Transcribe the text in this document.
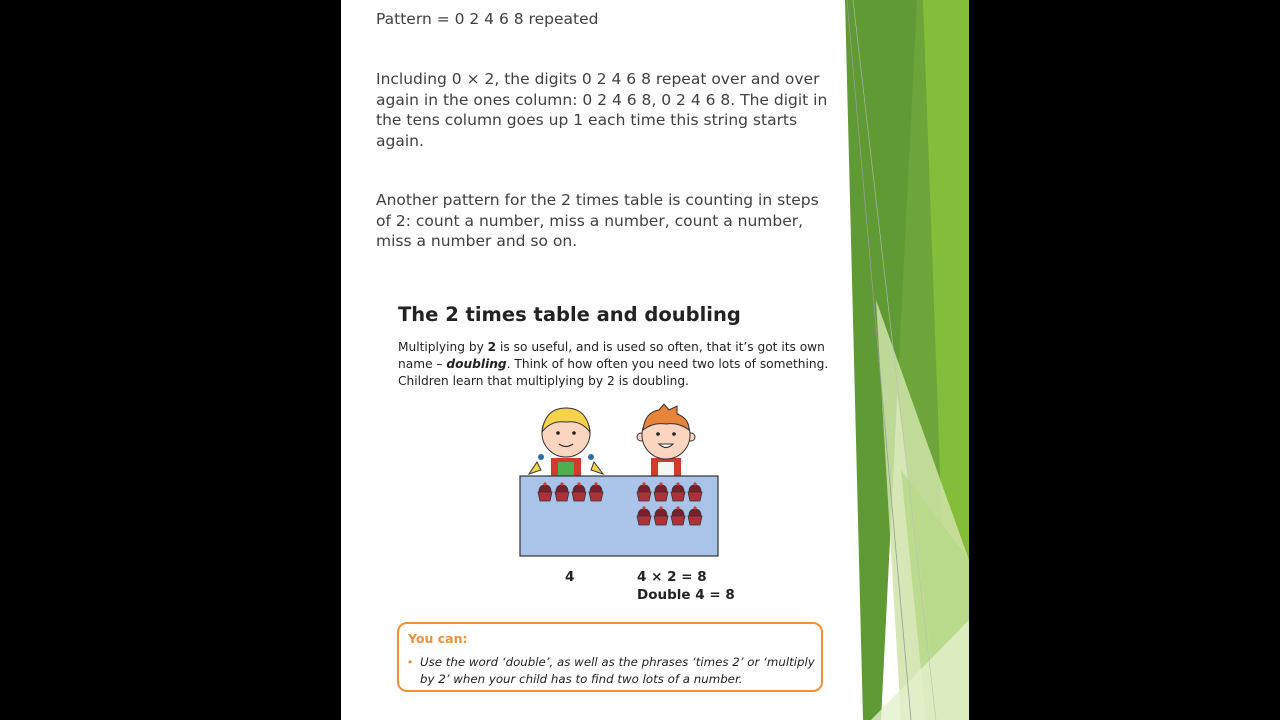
Pattern = 0 2 4 6 8 repeated

Including 0 × 2, the digits 0 2 4 6 8 repeat over and over again in the ones column: 0 2 4 6 8, 0 2 4 6 8. The digit in the tens column goes up 1 each time this string starts again.

Another pattern for the 2 times table is counting in steps of 2: count a number, miss a number, count a number, miss a number and so on.

The 2 times table and doubling

Multiplying by 2 is so useful, and is used so often, that it’s got its own name – doubling. Think of how often you need two lots of something. Children learn that multiplying by 2 is doubling.

4	4 × 2 = 8
Double 4 = 8
You can:
• Use the word ‘double’, as well as the phrases ‘times 2’ or ‘multiply by 2’ when your child has to find two lots of a number.
